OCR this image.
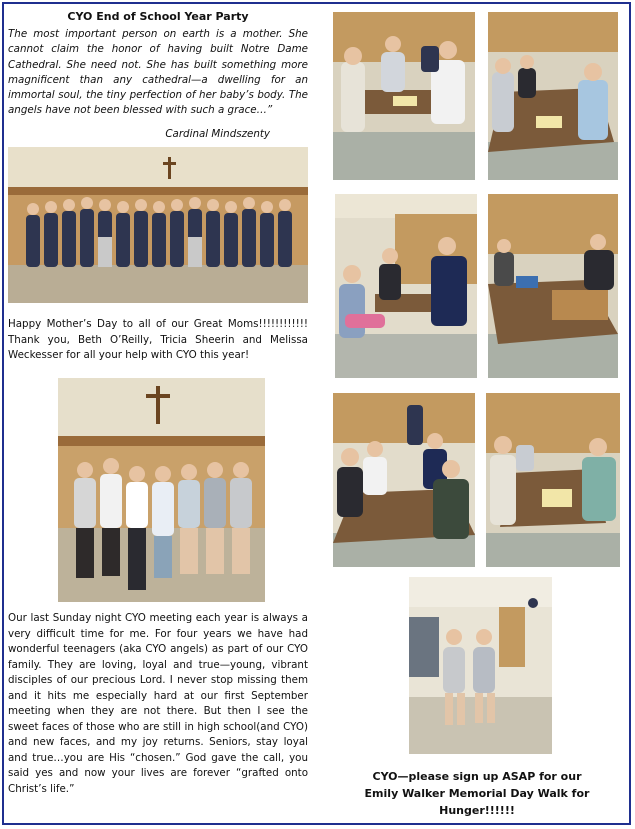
CYO End of School Year Party

The most important person on earth is a mother. She cannot claim the honor of having built Notre Dame Cathedral. She need not. She has built something more magnificent than any cathedral—a dwelling for an immortal soul, the tiny perfection of her baby’s body. The angels have not been blessed with such a grace…”

Cardinal Mindszenty

Happy Mother’s Day to all of our Great Moms!!!!!!!!!!!! Thank you, Beth O’Reilly, Tricia Sheerin and Melissa Weckesser for all your help with CYO this year!

Our last Sunday night CYO meeting each year is always a very difficult time for me. For four years we have had wonderful teenagers (aka CYO angels) as part of our CYO family. They are loving, loyal and true—young, vibrant disciples of our precious Lord. I never stop missing them and it hits me especially hard at our first September meeting when they are not there. But then I see the sweet faces of those who are still in high school(and CYO) and new faces, and my joy returns. Seniors, stay loyal and true…you are His “chosen.” God gave the call, you said yes and now your lives are forever “grafted onto Christ’s life.”

CYO—please sign up ASAP for our
Emily Walker Memorial Day Walk for Hunger!!!!!!
